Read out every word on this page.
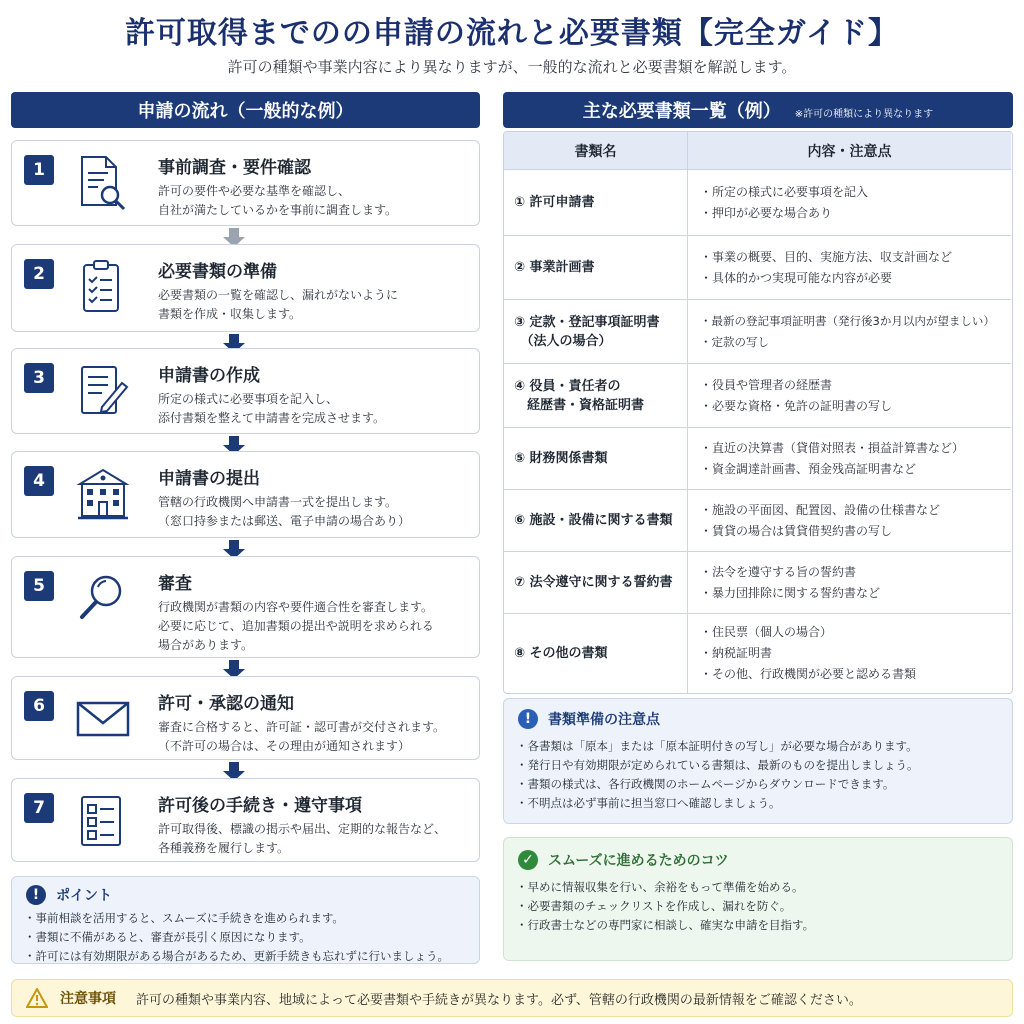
許可取得までのの申請の流れと必要書類【完全ガイド】
許可の種類や事業内容により異なりますが、一般的な流れと必要書類を解説します。
申請の流れ（一般的な例）	主な必要書類一覧（例） ※許可の種類により異なります
1	事前調査・要件確認
許可の要件や必要な基準を確認し、
自社が満たしているかを事前に調査します。
2	必要書類の準備
必要書類の一覧を確認し、漏れがないように
書類を作成・収集します。
3	申請書の作成
所定の様式に必要事項を記入し、
添付書類を整えて申請書を完成させます。
4	申請書の提出
管轄の行政機関へ申請書一式を提出します。
（窓口持参または郵送、電子申請の場合あり）
5	審査
行政機関が書類の内容や要件適合性を審査します。
必要に応じて、追加書類の提出や説明を求められる
場合があります。
6	許可・承認の通知
審査に合格すると、許可証・認可書が交付されます。
（不許可の場合は、その理由が通知されます）
7	許可後の手続き・遵守事項
許可取得後、標識の掲示や届出、定期的な報告など、
各種義務を履行します。
!	ポイント
・ 事前相談を活用すると、スムーズに手続きを進められます。
・ 書類に不備があると、審査が長引く原因になります。
・ 許可には有効期限がある場合があるため、更新手続きも忘れずに行いましょう。
書類名	内容・注意点
① 許可申請書
・ 所定の様式に必要事項を記入
・ 押印が必要な場合あり
② 事業計画書
・ 事業の概要、目的、実施方法、収支計画など
・ 具体的かつ実現可能な内容が必要
③ 定款・登記事項証明書
　（法人の場合）
・ 最新の登記事項証明書（発行後3か月以内が望ましい）
・ 定款の写し
④ 役員・責任者の
　経歴書・資格証明書
・ 役員や管理者の経歴書
・ 必要な資格・免許の証明書の写し
⑤ 財務関係書類
・ 直近の決算書（貸借対照表・損益計算書など）
・ 資金調達計画書、預金残高証明書など
⑥ 施設・設備に関する書類
・ 施設の平面図、配置図、設備の仕様書など
・ 賃貸の場合は賃貸借契約書の写し
⑦ 法令遵守に関する誓約書
・ 法令を遵守する旨の誓約書
・ 暴力団排除に関する誓約書など
⑧ その他の書類
・ 住民票（個人の場合）
・ 納税証明書
・ その他、行政機関が必要と認める書類
!	書類準備の注意点
・ 各書類は「原本」または「原本証明付きの写し」が必要な場合があります。
・ 発行日や有効期限が定められている書類は、最新のものを提出しましょう。
・ 書類の様式は、各行政機関のホームページからダウンロードできます。
・ 不明点は必ず事前に担当窓口へ確認しましょう。
✓ スムーズに進めるためのコツ
・ 早めに情報収集を行い、余裕をもって準備を始める。
・ 必要書類のチェックリストを作成し、漏れを防ぐ。
・ 行政書士などの専門家に相談し、確実な申請を目指す。
注意事項 許可の種類や事業内容、地域によって必要書類や手続きが異なります。必ず、管轄の行政機関の最新情報をご確認ください。
